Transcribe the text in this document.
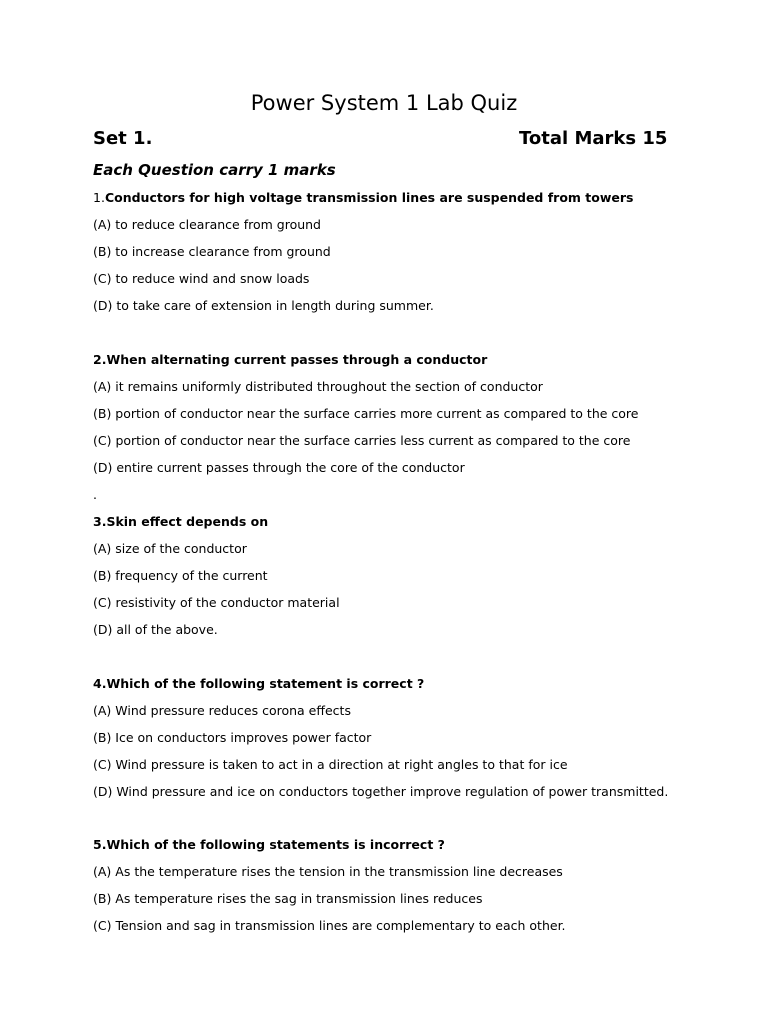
Power System 1 Lab Quiz
Set 1.	Total Marks 15
Each Question carry 1 marks
1.Conductors for high voltage transmission lines are suspended from towers
(A) to reduce clearance from ground
(B) to increase clearance from ground
(C) to reduce wind and snow loads
(D) to take care of extension in length during summer.
2.When alternating current passes through a conductor
(A) it remains uniformly distributed throughout the section of conductor
(B) portion of conductor near the surface carries more current as compared to the core
(C) portion of conductor near the surface carries less current as compared to the core
(D) entire current passes through the core of the conductor
.
3.Skin effect depends on
(A) size of the conductor
(B) frequency of the current
(C) resistivity of the conductor material
(D) all of the above.
4.Which of the following statement is correct ?
(A) Wind pressure reduces corona effects
(B) Ice on conductors improves power factor
(C) Wind pressure is taken to act in a direction at right angles to that for ice
(D) Wind pressure and ice on conductors together improve regulation of power transmitted.
5.Which of the following statements is incorrect ?
(A) As the temperature rises the tension in the transmission line decreases
(B) As temperature rises the sag in transmission lines reduces
(C) Tension and sag in transmission lines are complementary to each other.
